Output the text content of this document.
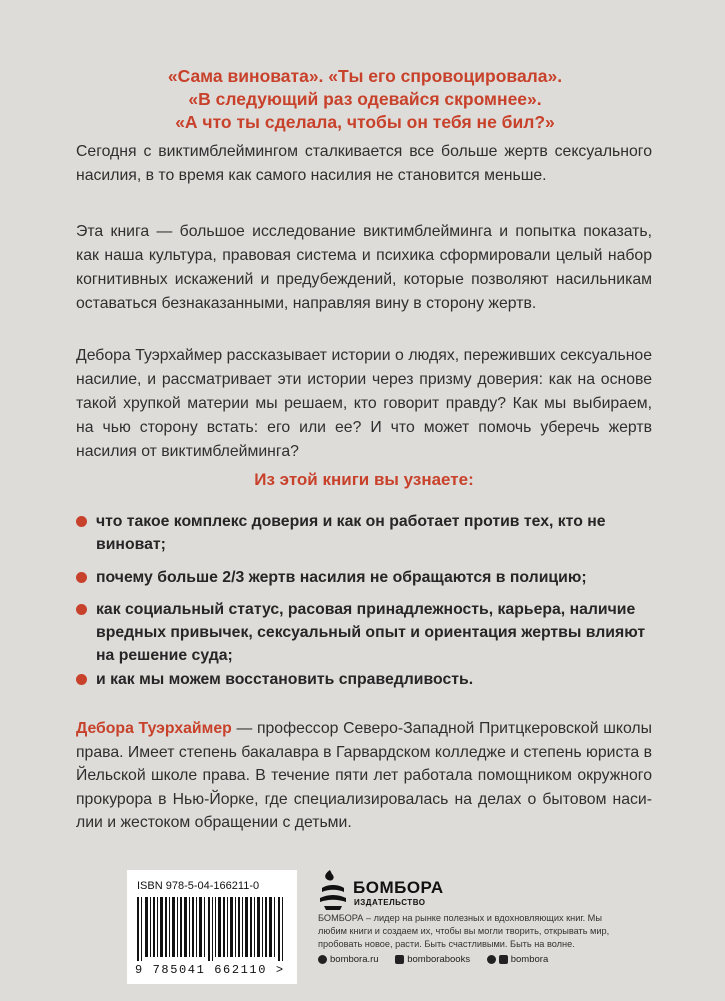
«Сама виновата». «Ты его спровоцировала».
«В следующий раз одевайся скромнее».
«А что ты сделала, чтобы он тебя не бил?»

Сегодня с виктимблеймингом сталкивается все больше жертв сексуального насилия, в то время как самого насилия не становится меньше.

Эта книга — большое исследование виктимблейминга и попытка показать, как наша культура, правовая система и психика сформировали целый набор когнитивных искажений и предубеждений, которые позволяют насильникам оставаться безнаказанными, направляя вину в сторону жертв.

Дебора Туэрхаймер рассказывает истории о людях, переживших сексуальное насилие, и рассматривает эти истории через призму доверия: как на основе такой хрупкой материи мы решаем, кто говорит правду? Как мы выбираем, на чью сторону встать: его или ее? И что может помочь уберечь жертв насилия от виктимблейминга?

Из этой книги вы узнаете:
что такое комплекс доверия и как он работает против тех, кто не виноват;
почему больше 2/3 жертв насилия не обращаются в полицию;
как социальный статус, расовая принадлежность, карьера, наличие вредных привычек, сексуальный опыт и ориентация жертвы влияют на решение суда;
и как мы можем восстановить справедливость.

Дебора Туэрхаймер — профессор Северо-Западной Притцкеровской школы права. Имеет степень бакалавра в Гарвардском колледже и степень юриста в Йельской школе права. В течение пяти лет работала помощником окружного прокурора в Нью-Йорке, где специализировалась на делах о бытовом насилии и жестоком обращении с детьми.

ISBN 978-5-04-166211-0
9 785041 662110 >
БОМБОРА
ИЗДАТЕЛЬСТВО

БОМБОРА – лидер на рынке полезных и вдохновляющих книг. Мы любим книги и создаем их, чтобы вы могли творить, открывать мир, пробовать новое, расти. Быть счастливыми. Быть на волне.

bombora.ru
	bomborabooks
	bombora
